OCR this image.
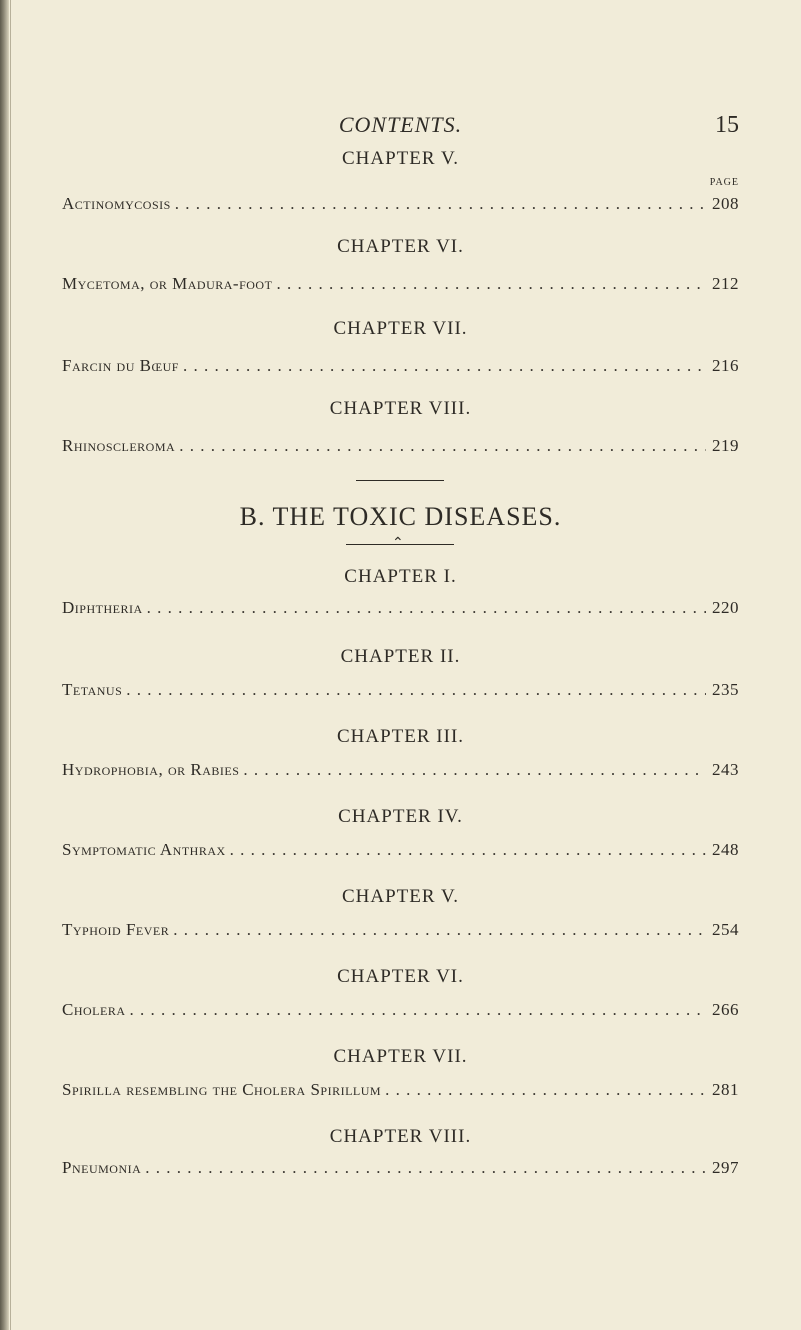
CONTENTS.	15
CHAPTER V.
PAGE
Actinomycosis . . .	208
CHAPTER VI.
Mycetoma, or Madura-foot . . .	212
CHAPTER VII.
Farcin du Bœuf . . .	216
CHAPTER VIII.
Rhinoscleroma . . .	219
B. THE TOXIC DISEASES.
⌃
CHAPTER I.
Diphtheria . . .	220
CHAPTER II.
Tetanus . . .	235
CHAPTER III.
Hydrophobia, or Rabies . . .	243
CHAPTER IV.
Symptomatic Anthrax . . .	248
CHAPTER V.
Typhoid Fever . . .	254
CHAPTER VI.
Cholera . . .	266
CHAPTER VII.
Spirilla resembling the Cholera Spirillum . . .	281
CHAPTER VIII.
Pneumonia . . .	297
